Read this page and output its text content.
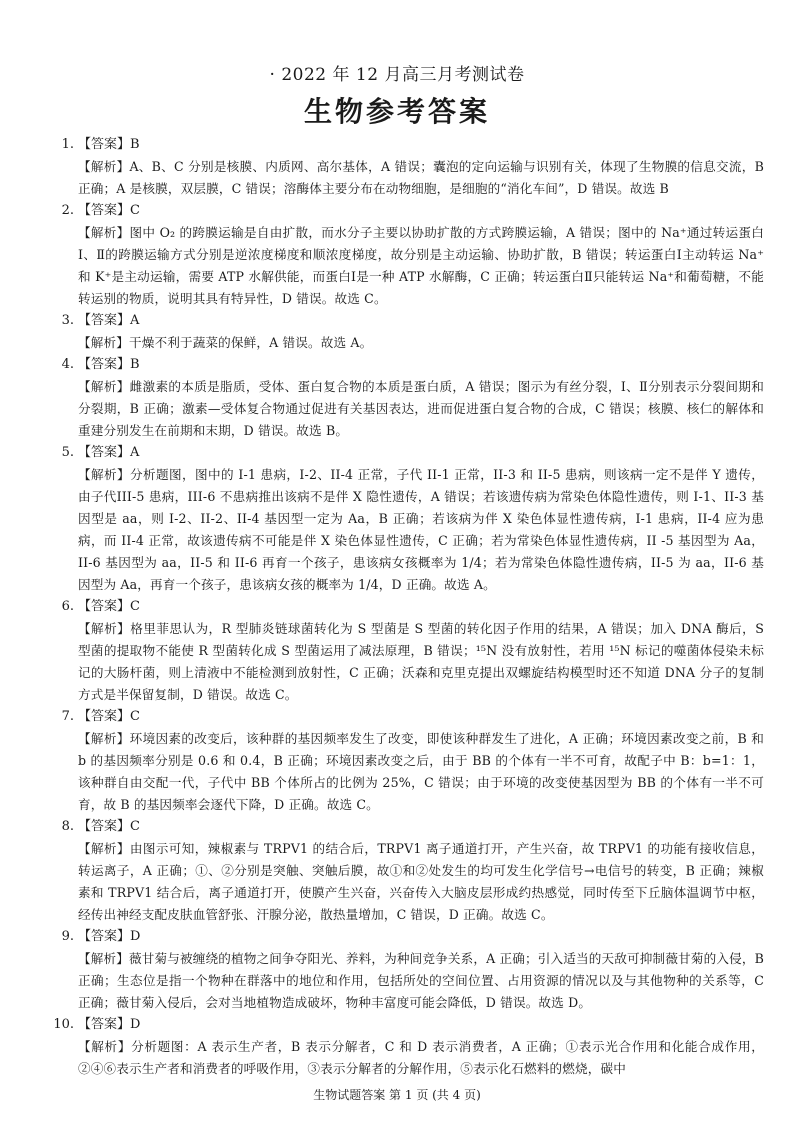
· 2022 年 12 月高三月考测试卷
生物参考答案
1. 【答案】B
【解析】A、B、C 分别是核膜、内质网、高尔基体，A 错误；囊泡的定向运输与识别有关，体现了生物膜的信息交流，B 正确；A 是核膜，双层膜，C 错误；溶酶体主要分布在动物细胞，是细胞的“消化车间”，D 错误。故选 B
2. 【答案】C
【解析】图中 O₂ 的跨膜运输是自由扩散，而水分子主要以协助扩散的方式跨膜运输，A 错误；图中的 Na⁺通过转运蛋白Ⅰ、Ⅱ的跨膜运输方式分别是逆浓度梯度和顺浓度梯度，故分别是主动运输、协助扩散，B 错误；转运蛋白Ⅰ主动转运 Na⁺和 K⁺是主动运输，需要 ATP 水解供能，而蛋白Ⅰ是一种 ATP 水解酶，C 正确；转运蛋白Ⅱ只能转运 Na⁺和葡萄糖，不能转运别的物质，说明其具有特异性，D 错误。故选 C。
3. 【答案】A
【解析】干燥不利于蔬菜的保鲜，A 错误。故选 A。
4. 【答案】B
【解析】雌激素的本质是脂质，受体、蛋白复合物的本质是蛋白质，A 错误；图示为有丝分裂，Ⅰ、Ⅱ分别表示分裂间期和分裂期，B 正确；激素—受体复合物通过促进有关基因表达，进而促进蛋白复合物的合成，C 错误；核膜、核仁的解体和重建分别发生在前期和末期，D 错误。故选 B。
5. 【答案】A
【解析】分析题图，图中的 I-1 患病，I-2、II-4 正常，子代 II-1 正常，II-3 和 II-5 患病，则该病一定不是伴 Y 遗传，由子代III-5 患病，III-6 不患病推出该病不是伴 X 隐性遗传，A 错误；若该遗传病为常染色体隐性遗传，则 I-1、II-3 基因型是 aa，则 I-2、II-2、II-4 基因型一定为 Aa，B 正确；若该病为伴 X 染色体显性遗传病，I-1 患病，II-4 应为患病，而 II-4 正常，故该遗传病不可能是伴 X 染色体显性遗传，C 正确；若为常染色体显性遗传病，II -5 基因型为 Aa，II-6 基因型为 aa，II-5 和 II-6 再育一个孩子，患该病女孩概率为 1/4；若为常染色体隐性遗传病，II-5 为 aa，II-6 基因型为 Aa，再育一个孩子，患该病女孩的概率为 1/4，D 正确。故选 A。
6. 【答案】C
【解析】格里菲思认为，R 型肺炎链球菌转化为 S 型菌是 S 型菌的转化因子作用的结果，A 错误；加入 DNA 酶后，S 型菌的提取物不能使 R 型菌转化成 S 型菌运用了减法原理，B 错误；¹⁵N 没有放射性，若用 ¹⁵N 标记的噬菌体侵染未标记的大肠杆菌，则上清液中不能检测到放射性，C 正确；沃森和克里克提出双螺旋结构模型时还不知道 DNA 分子的复制方式是半保留复制，D 错误。故选 C。
7. 【答案】C
【解析】环境因素的改变后，该种群的基因频率发生了改变，即使该种群发生了进化，A 正确；环境因素改变之前，B 和 b 的基因频率分别是 0.6 和 0.4，B 正确；环境因素改变之后，由于 BB 的个体有一半不可育，故配子中 B：b=1：1，该种群自由交配一代，子代中 BB 个体所占的比例为 25%，C 错误；由于环境的改变使基因型为 BB 的个体有一半不可育，故 B 的基因频率会逐代下降，D 正确。故选 C。
8. 【答案】C
【解析】由图示可知，辣椒素与 TRPV1 的结合后，TRPV1 离子通道打开，产生兴奋，故 TRPV1 的功能有接收信息，转运离子，A 正确；①、②分别是突触、突触后膜，故①和②处发生的均可发生化学信号→电信号的转变，B 正确；辣椒素和 TRPV1 结合后，离子通道打开，使膜产生兴奋，兴奋传入大脑皮层形成约热感觉，同时传至下丘脑体温调节中枢，经传出神经支配皮肤血管舒张、汗腺分泌，散热量增加，C 错误，D 正确。故选 C。
9. 【答案】D
【解析】薇甘菊与被缠绕的植物之间争夺阳光、养料，为种间竞争关系，A 正确；引入适当的天敌可抑制薇甘菊的入侵，B 正确；生态位是指一个物种在群落中的地位和作用，包括所处的空间位置、占用资源的情况以及与其他物种的关系等，C 正确；薇甘菊入侵后，会对当地植物造成破坏，物种丰富度可能会降低，D 错误。故选 D。
10. 【答案】D
【解析】分析题图：A 表示生产者，B 表示分解者，C 和 D 表示消费者，A 正确；①表示光合作用和化能合成作用，②④⑥表示生产者和消费者的呼吸作用，③表示分解者的分解作用，⑤表示化石燃料的燃烧，碳中
生物试题答案 第 1 页 (共 4 页)
